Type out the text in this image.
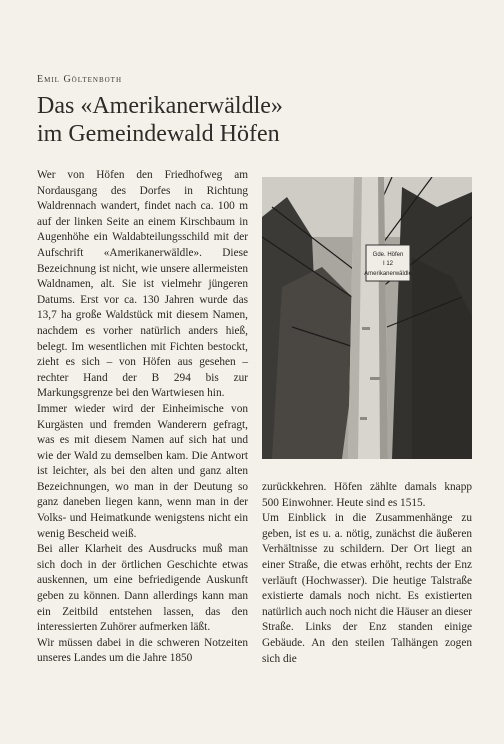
Emil Göltenboth
Das «Amerikanerwäldle»
im Gemeindewald Höfen

Wer von Höfen den Friedhofweg am Nordausgang des Dorfes in Richtung Waldrennach wandert, findet nach ca. 100 m auf der linken Seite an einem Kirschbaum in Augenhöhe ein Waldabteilungsschild mit der Aufschrift «Amerikanerwäldle». Diese Bezeichnung ist nicht, wie unsere allermeisten Waldnamen, alt. Sie ist vielmehr jüngeren Datums. Erst vor ca. 130 Jahren wurde das 13,7 ha große Waldstück mit diesem Namen, nachdem es vorher natürlich anders hieß, belegt. Im wesentlichen mit Fichten bestockt, zieht es sich – von Höfen aus gesehen – rechter Hand der B 294 bis zur Markungsgrenze bei den Wartwiesen hin.

Immer wieder wird der Einheimische von Kurgästen und fremden Wanderern gefragt, was es mit diesem Namen auf sich hat und wie der Wald zu demselben kam. Die Antwort ist leichter, als bei den alten und ganz alten Bezeichnungen, wo man in der Deutung so ganz daneben liegen kann, wenn man in der Volks- und Heimatkunde wenigstens nicht ein wenig Bescheid weiß.

Bei aller Klarheit des Ausdrucks muß man sich doch in der örtlichen Geschichte etwas auskennen, um eine befriedigende Auskunft geben zu können. Dann allerdings kann man ein Zeitbild entstehen lassen, das den interessierten Zuhörer aufmerken läßt.

Wir müssen dabei in die schweren Notzeiten unseres Landes um die Jahre 1850

Gde. Höfen
I 12
Amerikanerwäldle

zurückkehren. Höfen zählte damals knapp 500 Einwohner. Heute sind es 1515.

Um Einblick in die Zusammenhänge zu geben, ist es u. a. nötig, zunächst die äußeren Verhältnisse zu schildern. Der Ort liegt an einer Straße, die etwas erhöht, rechts der Enz verläuft (Hochwasser). Die heutige Talstraße existierte damals noch nicht. Es existierten natürlich auch noch nicht die Häuser an dieser Straße. Links der Enz standen einige Gebäude. An den steilen Talhängen zogen sich die
